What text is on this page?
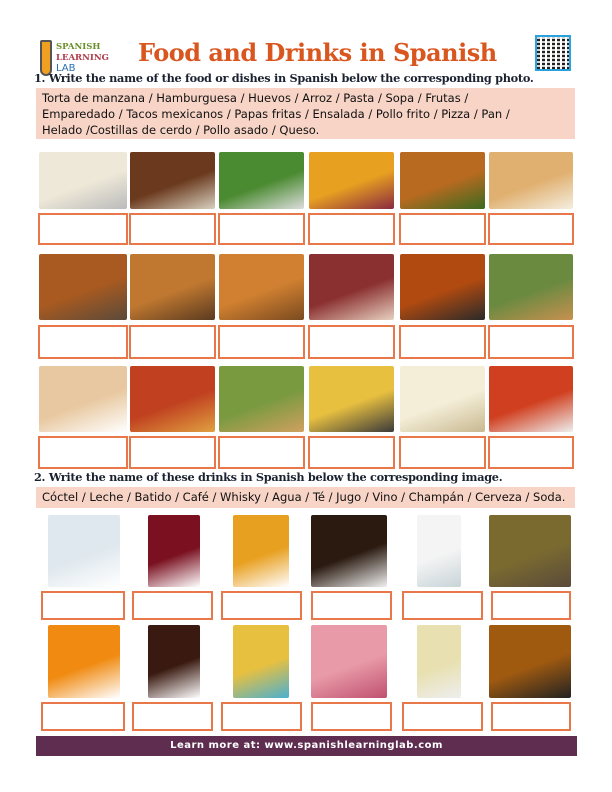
SPANISH
LEARNING
LAB
Food and Drinks in Spanish
1. Write the name of the food or dishes in Spanish below the corresponding photo.
Torta de manzana / Hamburguesa / Huevos / Arroz / Pasta / Sopa / Frutas /
Emparedado / Tacos mexicanos / Papas fritas / Ensalada / Pollo frito / Pizza / Pan /
Helado /Costillas de cerdo / Pollo asado / Queso.
2. Write the name of these drinks in Spanish below the corresponding image.
Cóctel / Leche / Batido / Café / Whisky / Agua / Té / Jugo / Vino / Champán / Cerveza / Soda.
Learn more at: www.spanishlearninglab.com
